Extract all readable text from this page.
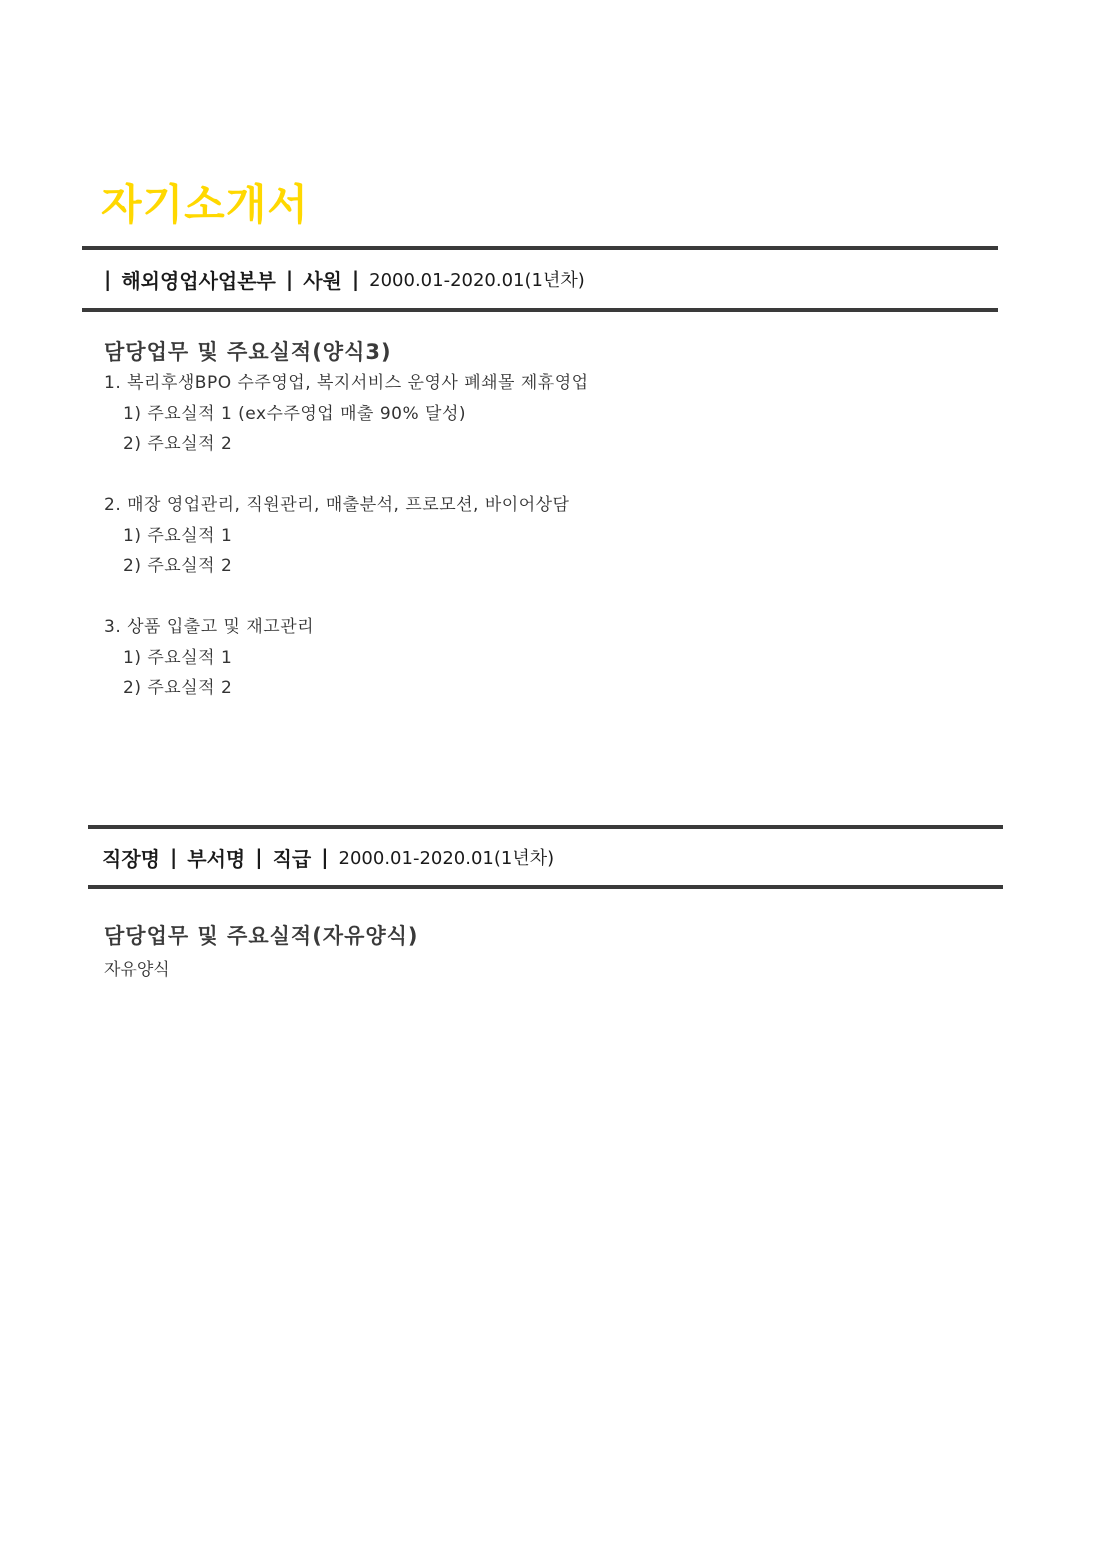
자기소개서
| 해외영업사업본부 | 사원 | 2000.01-2020.01(1년차)
담당업무 및 주요실적(양식3)
1. 복리후생BPO 수주영업, 복지서비스 운영사 폐쇄몰 제휴영업
1) 주요실적 1 (ex수주영업 매출 90% 달성)
2) 주요실적 2
2. 매장 영업관리, 직원관리, 매출분석, 프로모션, 바이어상담
1) 주요실적 1
2) 주요실적 2
3. 상품 입출고 및 재고관리
1) 주요실적 1
2) 주요실적 2
직장명 | 부서명 | 직급 | 2000.01-2020.01(1년차)
담당업무 및 주요실적(자유양식)
자유양식
